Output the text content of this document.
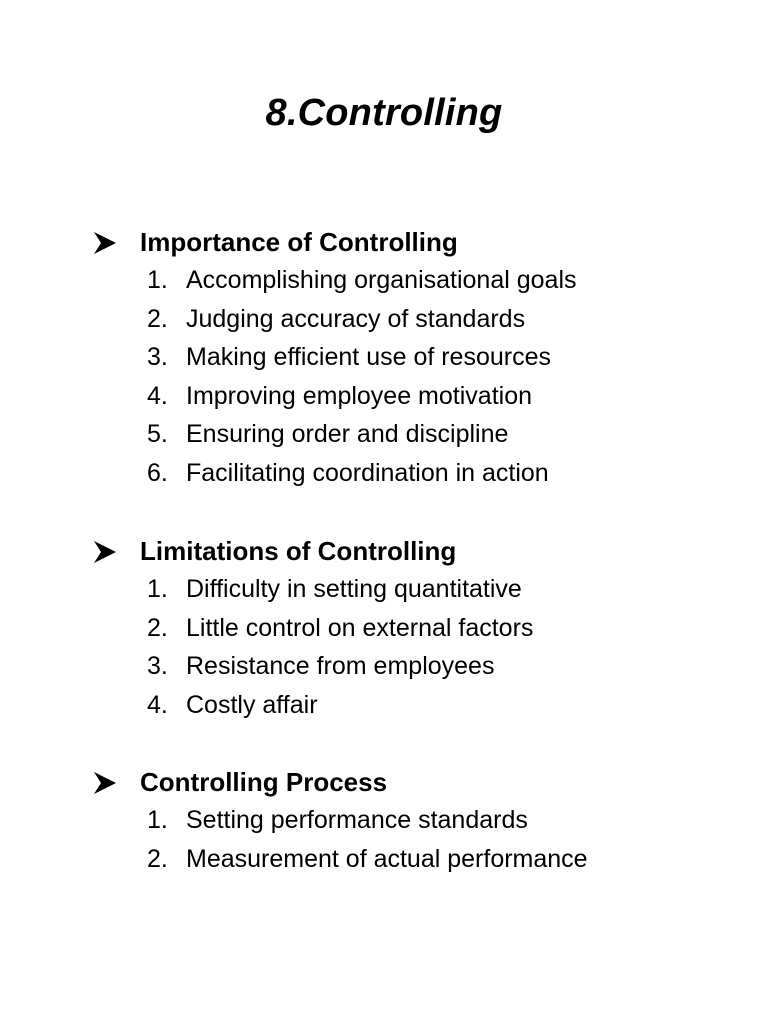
8.Controlling
Importance of Controlling
1. Accomplishing organisational goals
2. Judging accuracy of standards
3. Making efficient use of resources
4. Improving employee motivation
5. Ensuring order and discipline
6. Facilitating coordination in action
Limitations of Controlling
1. Difficulty in setting quantitative
2. Little control on external factors
3. Resistance from employees
4. Costly affair
Controlling Process
1. Setting performance standards
2. Measurement of actual performance
